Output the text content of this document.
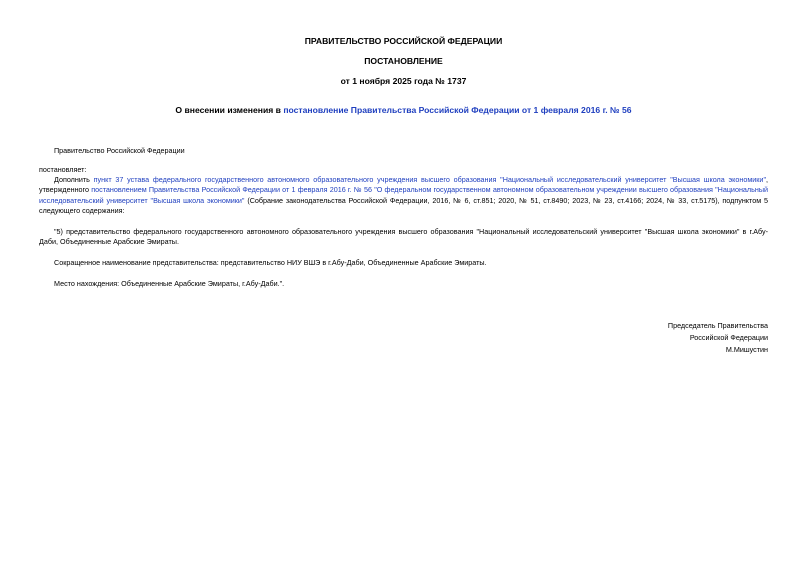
ПРАВИТЕЛЬСТВО РОССИЙСКОЙ ФЕДЕРАЦИИ
ПОСТАНОВЛЕНИЕ
от 1 ноября 2025 года № 1737
О внесении изменения в постановление Правительства Российской Федерации от 1 февраля 2016 г. № 56
Правительство Российской Федерации
постановляет:
Дополнить пункт 37 устава федерального государственного автономного образовательного учреждения высшего образования "Национальный исследовательский университет "Высшая школа экономики", утвержденного постановлением Правительства Российской Федерации от 1 февраля 2016 г. № 56 "О федеральном государственном автономном образовательном учреждении высшего образования "Национальный исследовательский университет "Высшая школа экономики" (Собрание законодательства Российской Федерации, 2016, № 6, ст.851; 2020, № 51, ст.8490; 2023, № 23, ст.4166; 2024, № 33, ст.5175), подпунктом 5 следующего содержания:
"5) представительство федерального государственного автономного образовательного учреждения высшего образования "Национальный исследовательский университет "Высшая школа экономики" в г.Абу-Даби, Объединенные Арабские Эмираты.
Сокращенное наименование представительства: представительство НИУ ВШЭ в г.Абу-Даби, Объединенные Арабские Эмираты.
Место нахождения: Объединенные Арабские Эмираты, г.Абу-Даби.".
Председатель Правительства
Российской Федерации
М.Мишустин
